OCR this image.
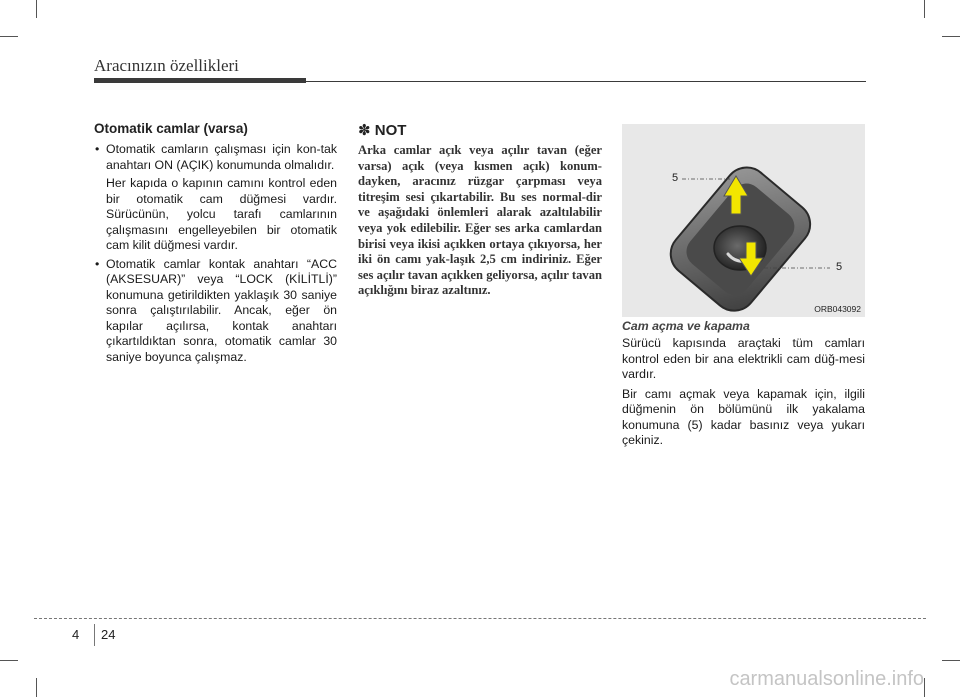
Aracınızın özellikleri
Otomatik camlar (varsa)
• Otomatik camların çalışması için kon-tak anahtarı ON (AÇIK) konumunda olmalıdır.
Her kapıda o kapının camını kontrol eden bir otomatik cam düğmesi vardır. Sürücünün, yolcu tarafı camlarının çalışmasını engelleyebilen bir otomatik cam kilit düğmesi vardır.
• Otomatik camlar kontak anahtarı “ACC (AKSESUAR)” veya “LOCK (KİLİTLİ)” konumuna getirildikten yaklaşık 30 saniye sonra çalıştırılabilir. Ancak, eğer ön kapılar açılırsa, kontak anahtarı çıkartıldıktan sonra, otomatik camlar 30 saniye boyunca çalışmaz.
✽ NOT
Arka camlar açık veya açılır tavan (eğer varsa) açık (veya kısmen açık) konum-dayken, aracınız rüzgar çarpması veya titreşim sesi çıkartabilir. Bu ses normal-dir ve aşağıdaki önlemleri alarak azaltılabilir veya yok edilebilir. Eğer ses arka camlardan birisi veya ikisi açıkken ortaya çıkıyorsa, her iki ön camı yak-laşık 2,5 cm indiriniz. Eğer ses açılır tavan açıkken geliyorsa, açılır tavan açıklığını biraz azaltınız.
5
5
ORB043092
Cam açma ve kapama

Sürücü kapısında araçtaki tüm camları kontrol eden bir ana elektrikli cam düğ-mesi vardır.

Bir camı açmak veya kapamak için, ilgili düğmenin ön bölümünü ilk yakalama konumuna (5) kadar basınız veya yukarı çekiniz.

4 24
carmanualsonline.info
